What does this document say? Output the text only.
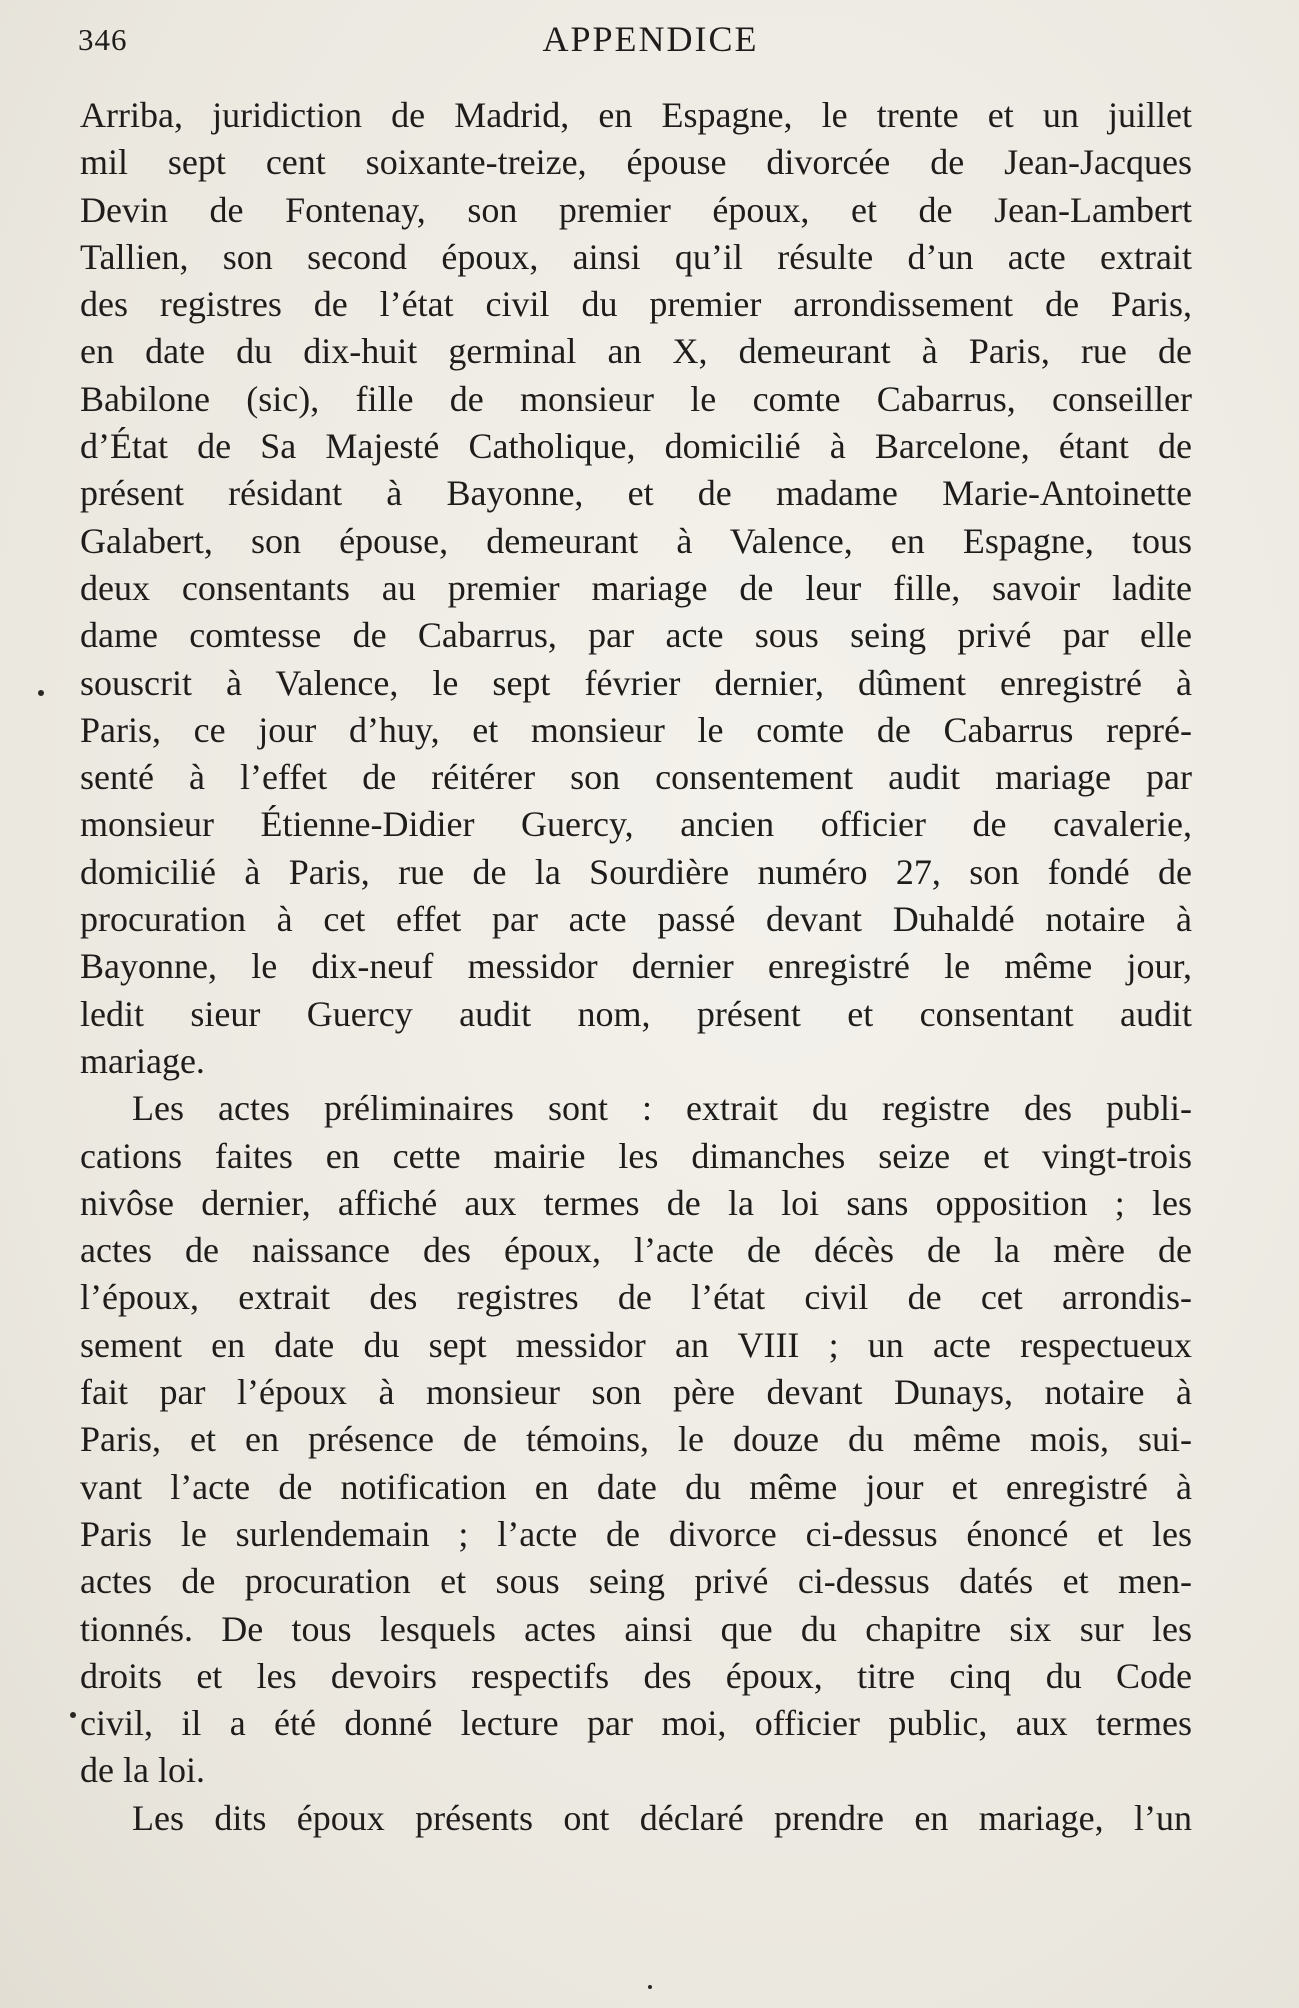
346	APPENDICE
Arriba, juridiction de Madrid, en Espagne, le trente et un juillet
mil sept cent soixante-treize, épouse divorcée de Jean-Jacques
Devin de Fontenay, son premier époux, et de Jean-Lambert
Tallien, son second époux, ainsi qu’il résulte d’un acte extrait
des registres de l’état civil du premier arrondissement de Paris,
en date du dix-huit germinal an X, demeurant à Paris, rue de
Babilone (sic), fille de monsieur le comte Cabarrus, conseiller
d’État de Sa Majesté Catholique, domicilié à Barcelone, étant de
présent résidant à Bayonne, et de madame Marie-Antoinette
Galabert, son épouse, demeurant à Valence, en Espagne, tous
deux consentants au premier mariage de leur fille, savoir ladite
dame comtesse de Cabarrus, par acte sous seing privé par elle
souscrit à Valence, le sept février dernier, dûment enregistré à
Paris, ce jour d’huy, et monsieur le comte de Cabarrus repré-
senté à l’effet de réitérer son consentement audit mariage par
monsieur Étienne-Didier Guercy, ancien officier de cavalerie,
domicilié à Paris, rue de la Sourdière numéro 27, son fondé de
procuration à cet effet par acte passé devant Duhaldé notaire à
Bayonne, le dix-neuf messidor dernier enregistré le même jour,
ledit sieur Guercy audit nom, présent et consentant audit
mariage.
Les actes préliminaires sont : extrait du registre des publi-
cations faites en cette mairie les dimanches seize et vingt-trois
nivôse dernier, affiché aux termes de la loi sans opposition ; les
actes de naissance des époux, l’acte de décès de la mère de
l’époux, extrait des registres de l’état civil de cet arrondis-
sement en date du sept messidor an VIII ; un acte respectueux
fait par l’époux à monsieur son père devant Dunays, notaire à
Paris, et en présence de témoins, le douze du même mois, sui-
vant l’acte de notification en date du même jour et enregistré à
Paris le surlendemain ; l’acte de divorce ci-dessus énoncé et les
actes de procuration et sous seing privé ci-dessus datés et men-
tionnés. De tous lesquels actes ainsi que du chapitre six sur les
droits et les devoirs respectifs des époux, titre cinq du Code
civil, il a été donné lecture par moi, officier public, aux termes
de la loi.
Les dits époux présents ont déclaré prendre en mariage, l’un
